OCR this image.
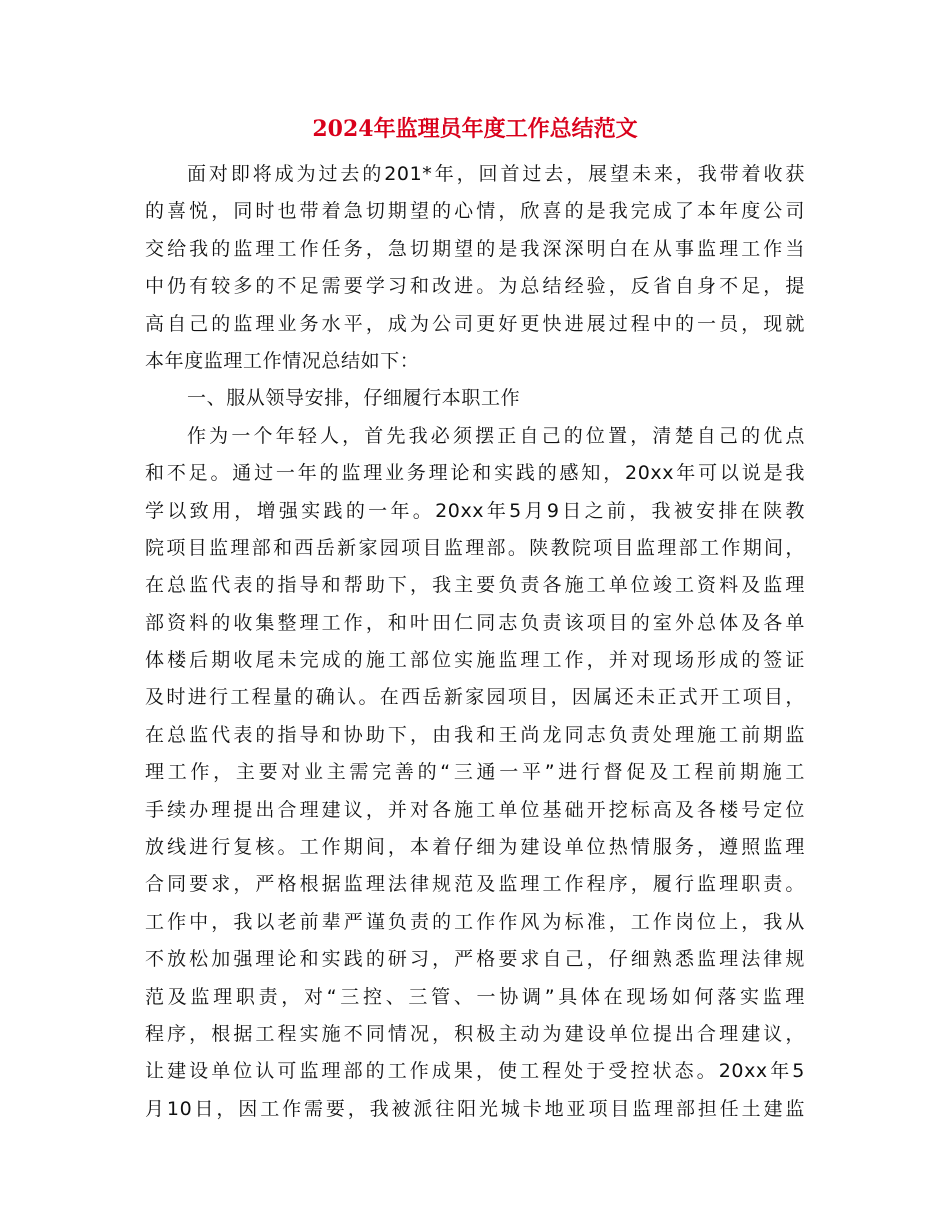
2024年监理员年度工作总结范文
面对即将成为过去的201*年，回首过去，展望未来，我带着收获
的喜悦，同时也带着急切期望的心情，欣喜的是我完成了本年度公司
交给我的监理工作任务，急切期望的是我深深明白在从事监理工作当
中仍有较多的不足需要学习和改进。为总结经验，反省自身不足，提
高自己的监理业务水平，成为公司更好更快进展过程中的一员，现就
本年度监理工作情况总结如下：
一、服从领导安排，仔细履行本职工作
作为一个年轻人，首先我必须摆正自己的位置，清楚自己的优点
和不足。通过一年的监理业务理论和实践的感知，20xx年可以说是我
学以致用，增强实践的一年。20xx年5月9日之前，我被安排在陕教
院项目监理部和西岳新家园项目监理部。陕教院项目监理部工作期间，
在总监代表的指导和帮助下，我主要负责各施工单位竣工资料及监理
部资料的收集整理工作，和叶田仁同志负责该项目的室外总体及各单
体楼后期收尾未完成的施工部位实施监理工作，并对现场形成的签证
及时进行工程量的确认。在西岳新家园项目，因属还未正式开工项目，
在总监代表的指导和协助下，由我和王尚龙同志负责处理施工前期监
理工作，主要对业主需完善的“三通一平”进行督促及工程前期施工
手续办理提出合理建议，并对各施工单位基础开挖标高及各楼号定位
放线进行复核。工作期间，本着仔细为建设单位热情服务，遵照监理
合同要求，严格根据监理法律规范及监理工作程序，履行监理职责。
工作中，我以老前辈严谨负责的工作作风为标准，工作岗位上，我从
不放松加强理论和实践的研习，严格要求自己，仔细熟悉监理法律规
范及监理职责，对“三控、三管、一协调”具体在现场如何落实监理
程序，根据工程实施不同情况，积极主动为建设单位提出合理建议，
让建设单位认可监理部的工作成果，使工程处于受控状态。20xx年5
月10日，因工作需要，我被派往阳光城卡地亚项目监理部担任土建监
